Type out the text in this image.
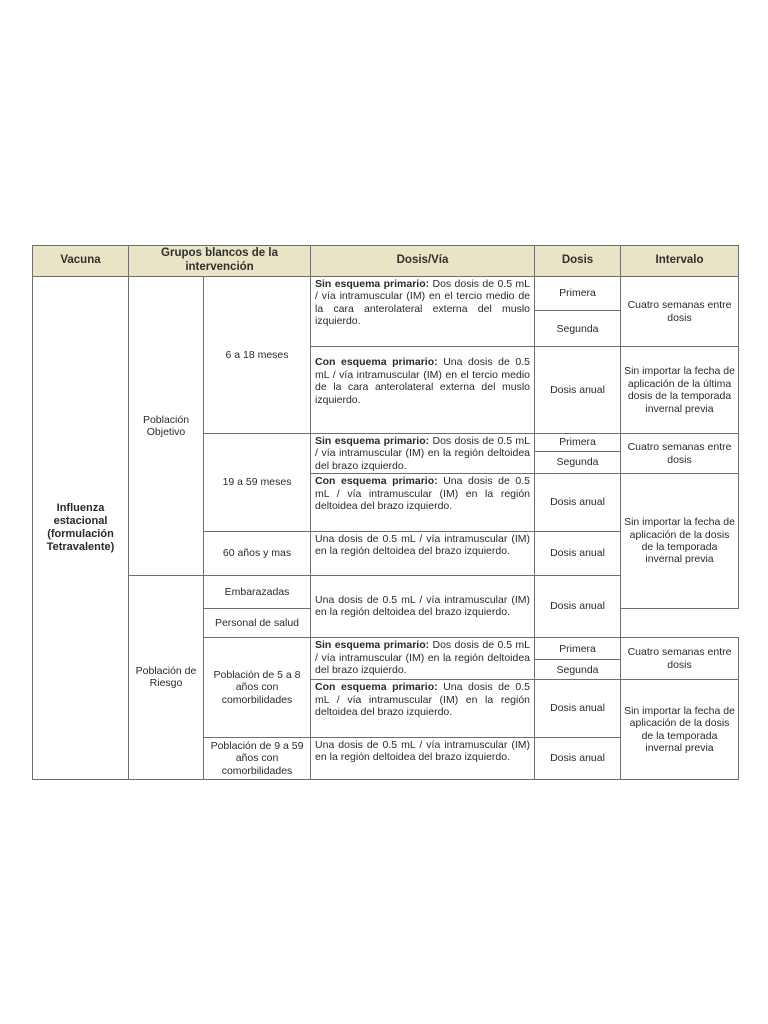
Vacuna	Grupos blancos de la intervención		Dosis/Vía	Dosis	Intervalo
Influenza estacional (formulación Tetravalente)	Población Objetivo	6 a 18 meses	Sin esquema primario: Dos dosis de 0.5 mL / vía intramuscular (IM) en el tercio medio de la cara anterolateral externa del muslo izquierdo.	Primera	Cuatro semanas entre dosis
				Segunda	

			Con esquema primario: Una dosis de 0.5 mL / vía intramuscular (IM) en el tercio medio de la cara anterolateral externa del muslo izquierdo.	Dosis anual	Sin importar la fecha de aplicación de la última dosis de la temporada invernal previa
		19 a 59 meses	Sin esquema primario: Dos dosis de 0.5 mL / vía intramuscular (IM) en la región deltoidea del brazo izquierdo.	Primera	Cuatro semanas entre dosis
				Segunda	
			Con esquema primario: Una dosis de 0.5 mL / vía intramuscular (IM) en la región deltoidea del brazo izquierdo.	Dosis anual	Sin importar la fecha de aplicación de la dosis de la temporada invernal previa

		60 años y mas	Una dosis de 0.5 mL / vía intramuscular (IM) en la región deltoidea del brazo izquierdo.	Dosis anual	
	Población de Riesgo	Embarazadas	Una dosis de 0.5 mL / vía intramuscular (IM) en la región deltoidea del brazo izquierdo.	Dosis anual	
		Personal de salud			
		Población de 5 a 8 años con comorbilidades	Sin esquema primario: Dos dosis de 0.5 mL / vía intramuscular (IM) en la región deltoidea del brazo izquierdo.	Primera	Cuatro semanas entre dosis
				Segunda	
			Con esquema primario: Una dosis de 0.5 mL / vía intramuscular (IM) en la región deltoidea del brazo izquierdo.	Dosis anual	Sin importar la fecha de aplicación de la dosis de la temporada invernal previa

		Población de 9 a 59 años con comorbilidades	Una dosis de 0.5 mL / vía intramuscular (IM) en la región deltoidea del brazo izquierdo.	Dosis anual	
